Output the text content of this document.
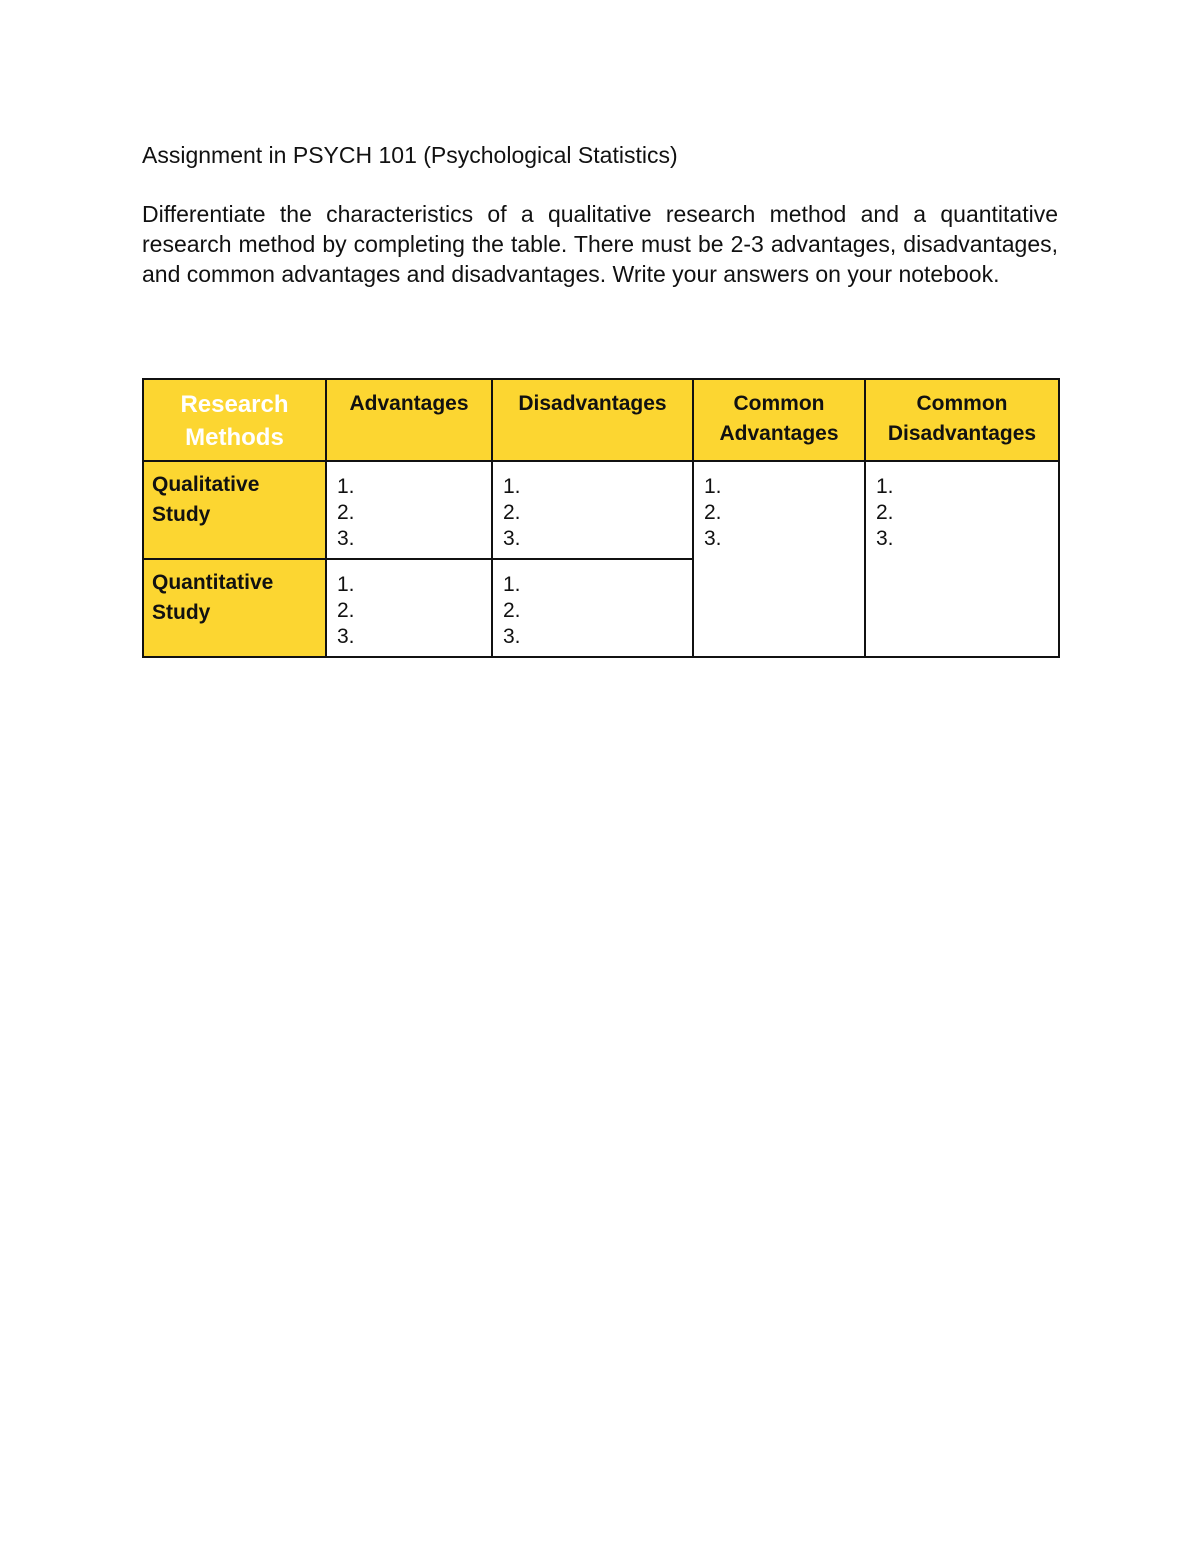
Assignment in PSYCH 101 (Psychological Statistics)

Differentiate the characteristics of a qualitative research method and a quantitative research method by completing the table. There must be 2-3 advantages, disadvantages, and common advantages and disadvantages. Write your answers on your notebook.

Research Methods	Advantages	Disadvantages	Common Advantages	Common Disadvantages

Qualitative Study	1.
2.
3.	1.
2.
3.	1.
2.
3.	1.
2.
3.

Quantitative Study	1.
2.
3.	1.
2.
3.		
